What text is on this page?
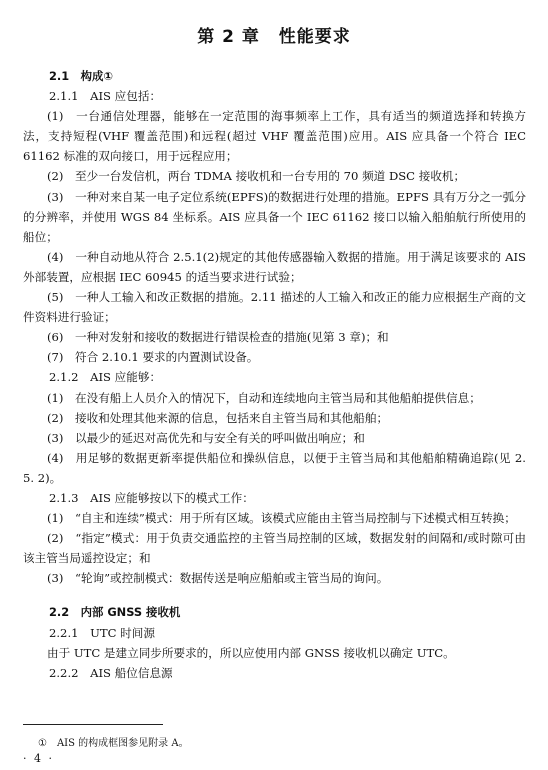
第 2 章 性能要求

2.1　构成①

2.1.1　AIS 应包括：

(1)　一台通信处理器，能够在一定范围的海事频率上工作，具有适当的频道选择和转换方法，支持短程(VHF 覆盖范围)和远程(超过 VHF 覆盖范围)应用。AIS 应具备一个符合 IEC 61162 标准的双向接口，用于远程应用；

(2)　至少一台发信机，两台 TDMA 接收机和一台专用的 70 频道 DSC 接收机；

(3)　一种对来自某一电子定位系统(EPFS)的数据进行处理的措施。EPFS 具有万分之一弧分的分辨率，并使用 WGS 84 坐标系。AIS 应具备一个 IEC 61162 接口以输入船舶航行所使用的船位；

(4)　一种自动地从符合 2.5.1(2)规定的其他传感器输入数据的措施。用于满足该要求的 AIS 外部装置，应根据 IEC 60945 的适当要求进行试验；

(5)　一种人工输入和改正数据的措施。2.11 描述的人工输入和改正的能力应根据生产商的文件资料进行验证；

(6)　一种对发射和接收的数据进行错误检查的措施(见第 3 章)；和

(7)　符合 2.10.1 要求的内置测试设备。

2.1.2　AIS 应能够：

(1)　在没有船上人员介入的情况下，自动和连续地向主管当局和其他船舶提供信息；

(2)　接收和处理其他来源的信息，包括来自主管当局和其他船舶；

(3)　以最少的延迟对高优先和与安全有关的呼叫做出响应；和

(4)　用足够的数据更新率提供船位和操纵信息，以便于主管当局和其他船舶精确追踪(见 2. 5. 2)。

2.1.3　AIS 应能够按以下的模式工作：

(1)　“自主和连续”模式：用于所有区域。该模式应能由主管当局控制与下述模式相互转换；

(2)　“指定”模式：用于负责交通监控的主管当局控制的区域，数据发射的间隔和/或时隙可由该主管当局遥控设定；和

(3)　“轮询”或控制模式：数据传送是响应船舶或主管当局的询问。

2.2　内部 GNSS 接收机

2.2.1　UTC 时间源

由于 UTC 是建立同步所要求的，所以应使用内部 GNSS 接收机以确定 UTC。

2.2.2　AIS 船位信息源

①　AIS 的构成框图参见附录 A。
· 4 ·
